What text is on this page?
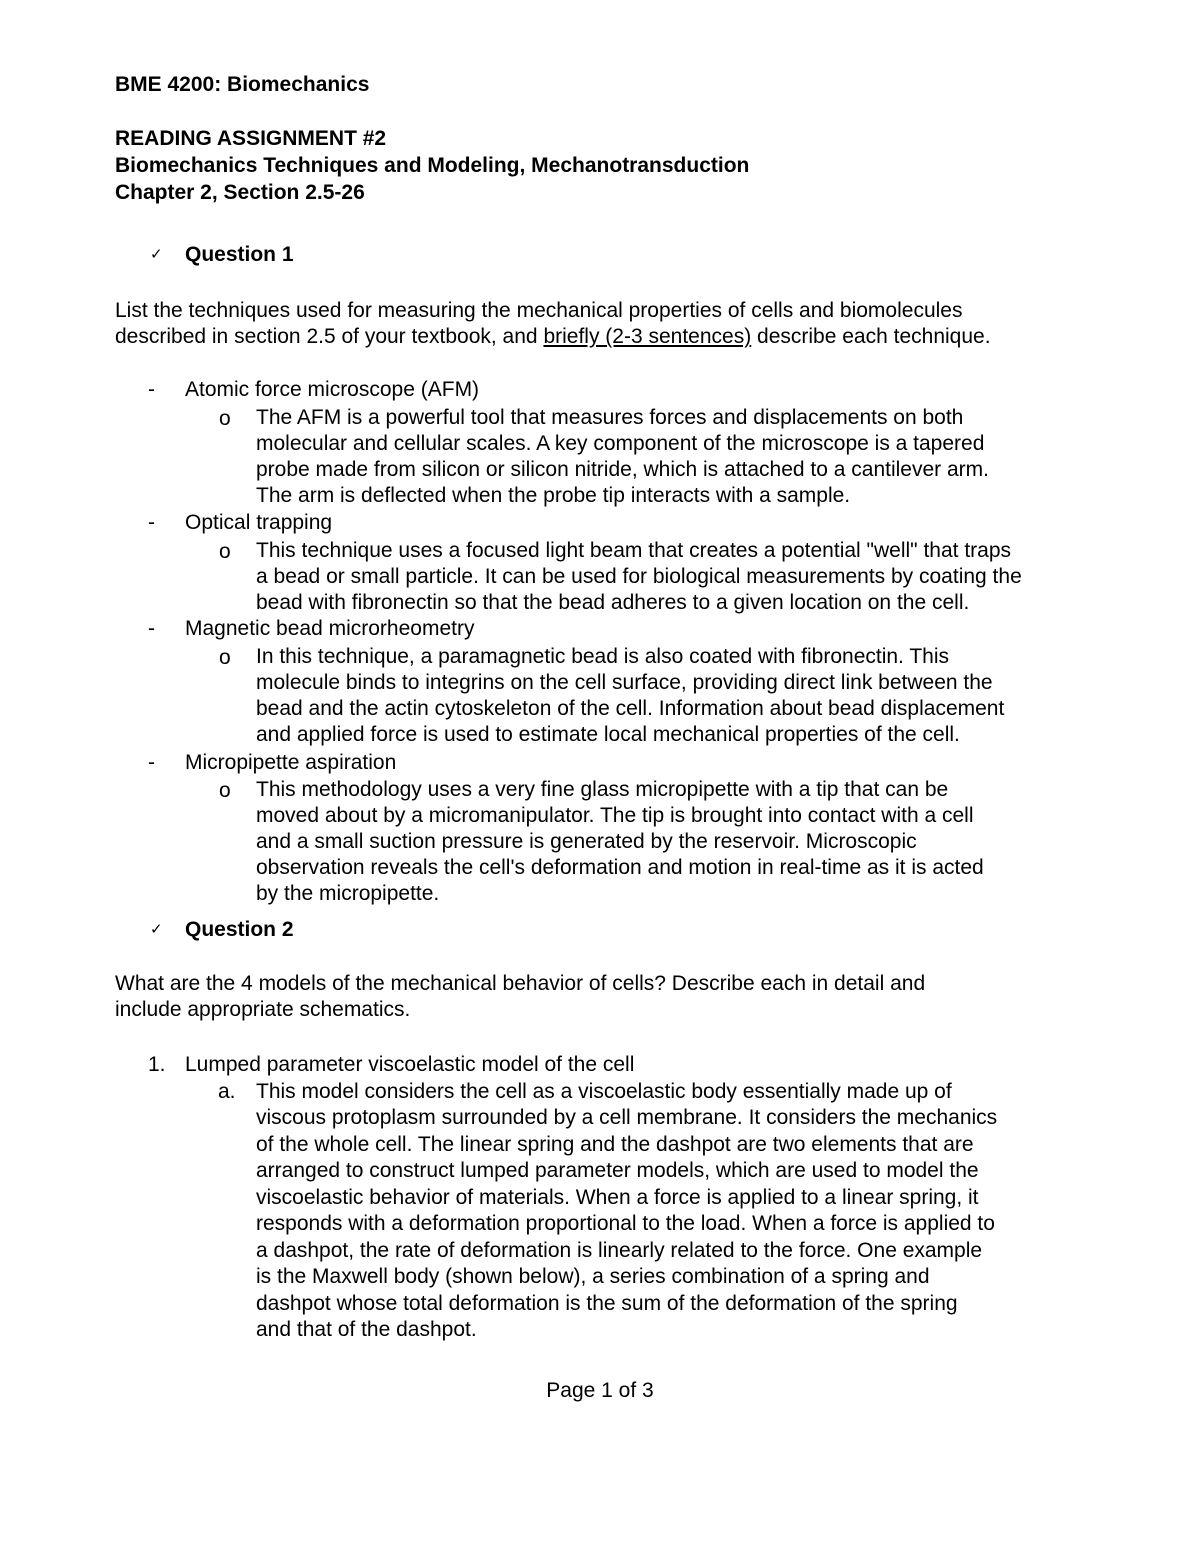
BME 4200: Biomechanics
READING ASSIGNMENT #2
Biomechanics Techniques and Modeling, Mechanotransduction
Chapter 2, Section 2.5-26
✓ Question 1
List the techniques used for measuring the mechanical properties of cells and biomolecules
described in section 2.5 of your textbook, and briefly (2-3 sentences) describe each technique.
- Atomic force microscope (AFM)
o The AFM is a powerful tool that measures forces and displacements on both
molecular and cellular scales. A key component of the microscope is a tapered
probe made from silicon or silicon nitride, which is attached to a cantilever arm.
The arm is deflected when the probe tip interacts with a sample.
- Optical trapping
o This technique uses a focused light beam that creates a potential "well" that traps
a bead or small particle. It can be used for biological measurements by coating the
bead with fibronectin so that the bead adheres to a given location on the cell.
- Magnetic bead microrheometry
o In this technique, a paramagnetic bead is also coated with fibronectin. This
molecule binds to integrins on the cell surface, providing direct link between the
bead and the actin cytoskeleton of the cell. Information about bead displacement
and applied force is used to estimate local mechanical properties of the cell.
- Micropipette aspiration
o This methodology uses a very fine glass micropipette with a tip that can be
moved about by a micromanipulator. The tip is brought into contact with a cell
and a small suction pressure is generated by the reservoir. Microscopic
observation reveals the cell's deformation and motion in real-time as it is acted
by the micropipette.
✓ Question 2
What are the 4 models of the mechanical behavior of cells? Describe each in detail and
include appropriate schematics.
1. Lumped parameter viscoelastic model of the cell
a. This model considers the cell as a viscoelastic body essentially made up of
viscous protoplasm surrounded by a cell membrane. It considers the mechanics
of the whole cell. The linear spring and the dashpot are two elements that are
arranged to construct lumped parameter models, which are used to model the
viscoelastic behavior of materials. When a force is applied to a linear spring, it
responds with a deformation proportional to the load. When a force is applied to
a dashpot, the rate of deformation is linearly related to the force. One example
is the Maxwell body (shown below), a series combination of a spring and
dashpot whose total deformation is the sum of the deformation of the spring
and that of the dashpot.
Page 1 of 3
